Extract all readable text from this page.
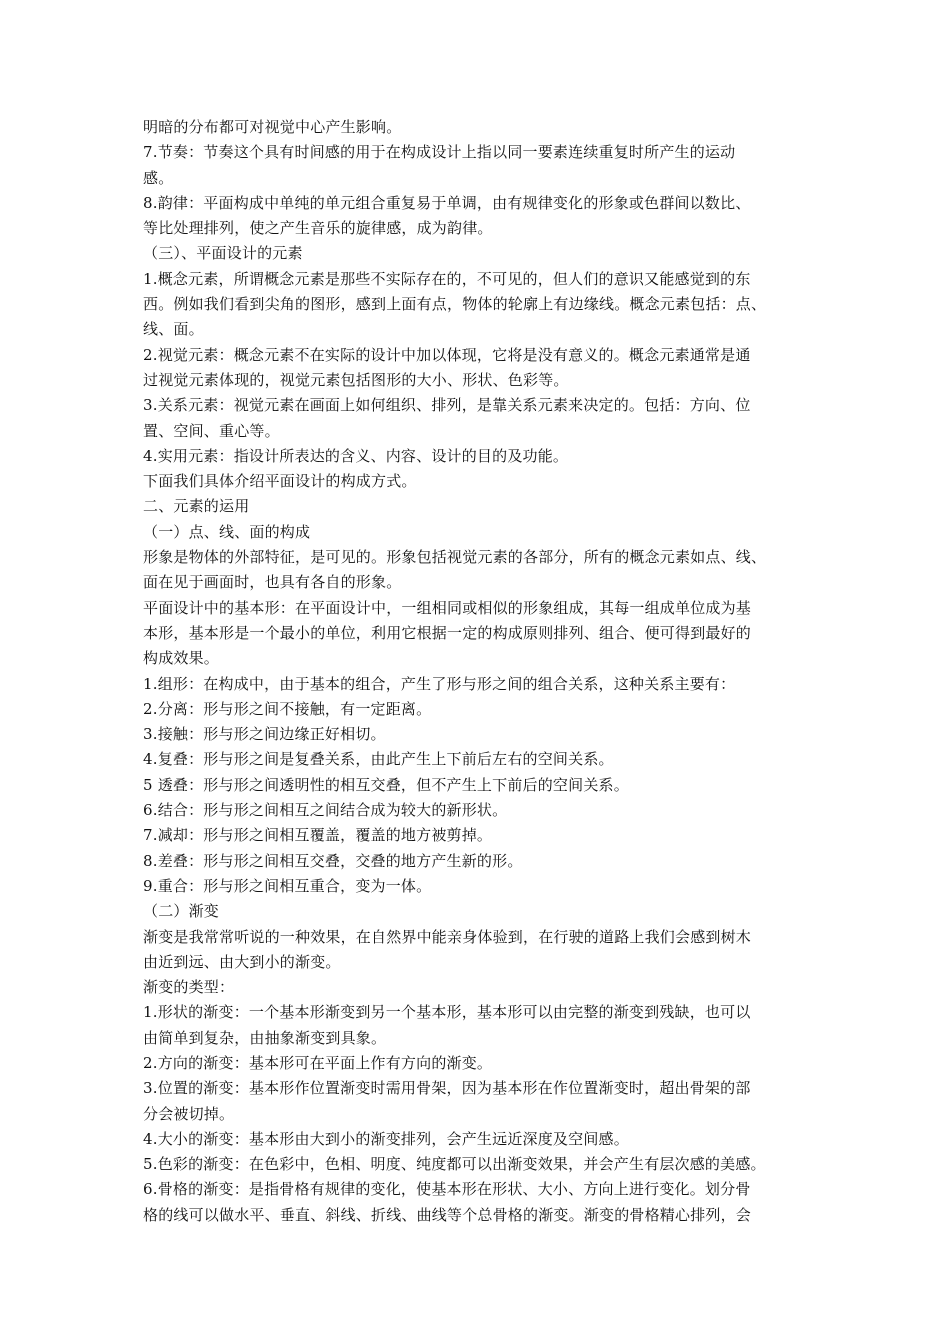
明暗的分布都可对视觉中心产生影响。
7.节奏：节奏这个具有时间感的用于在构成设计上指以同一要素连续重复时所产生的运动
感。
8.韵律：平面构成中单纯的单元组合重复易于单调，由有规律变化的形象或色群间以数比、
等比处理排列，使之产生音乐的旋律感，成为韵律。
（三）、平面设计的元素
1.概念元素，所谓概念元素是那些不实际存在的，不可见的，但人们的意识又能感觉到的东
西。例如我们看到尖角的图形，感到上面有点，物体的轮廓上有边缘线。概念元素包括：点、
线、面。
2.视觉元素：概念元素不在实际的设计中加以体现，它将是没有意义的。概念元素通常是通
过视觉元素体现的，视觉元素包括图形的大小、形状、色彩等。
3.关系元素：视觉元素在画面上如何组织、排列，是靠关系元素来决定的。包括：方向、位
置、空间、重心等。
4.实用元素：指设计所表达的含义、内容、设计的目的及功能。
下面我们具体介绍平面设计的构成方式。
二、元素的运用
（一）点、线、面的构成
形象是物体的外部特征，是可见的。形象包括视觉元素的各部分，所有的概念元素如点、线、
面在见于画面时，也具有各自的形象。
平面设计中的基本形：在平面设计中，一组相同或相似的形象组成，其每一组成单位成为基
本形，基本形是一个最小的单位，利用它根据一定的构成原则排列、组合、便可得到最好的
构成效果。
1.组形：在构成中，由于基本的组合，产生了形与形之间的组合关系，这种关系主要有：
2.分离：形与形之间不接触，有一定距离。
3.接触：形与形之间边缘正好相切。
4.复叠：形与形之间是复叠关系，由此产生上下前后左右的空间关系。
5 透叠：形与形之间透明性的相互交叠，但不产生上下前后的空间关系。
6.结合：形与形之间相互之间结合成为较大的新形状。
7.减却：形与形之间相互覆盖，覆盖的地方被剪掉。
8.差叠：形与形之间相互交叠，交叠的地方产生新的形。
9.重合：形与形之间相互重合，变为一体。
（二）渐变
渐变是我常常听说的一种效果，在自然界中能亲身体验到，在行驶的道路上我们会感到树木
由近到远、由大到小的渐变。
渐变的类型：
1.形状的渐变：一个基本形渐变到另一个基本形，基本形可以由完整的渐变到残缺，也可以
由简单到复杂，由抽象渐变到具象。
2.方向的渐变：基本形可在平面上作有方向的渐变。
3.位置的渐变：基本形作位置渐变时需用骨架，因为基本形在作位置渐变时，超出骨架的部
分会被切掉。
4.大小的渐变：基本形由大到小的渐变排列，会产生远近深度及空间感。
5.色彩的渐变：在色彩中，色相、明度、纯度都可以出渐变效果，并会产生有层次感的美感。
6.骨格的渐变：是指骨格有规律的变化，使基本形在形状、大小、方向上进行变化。划分骨
格的线可以做水平、垂直、斜线、折线、曲线等个总骨格的渐变。渐变的骨格精心排列，会
